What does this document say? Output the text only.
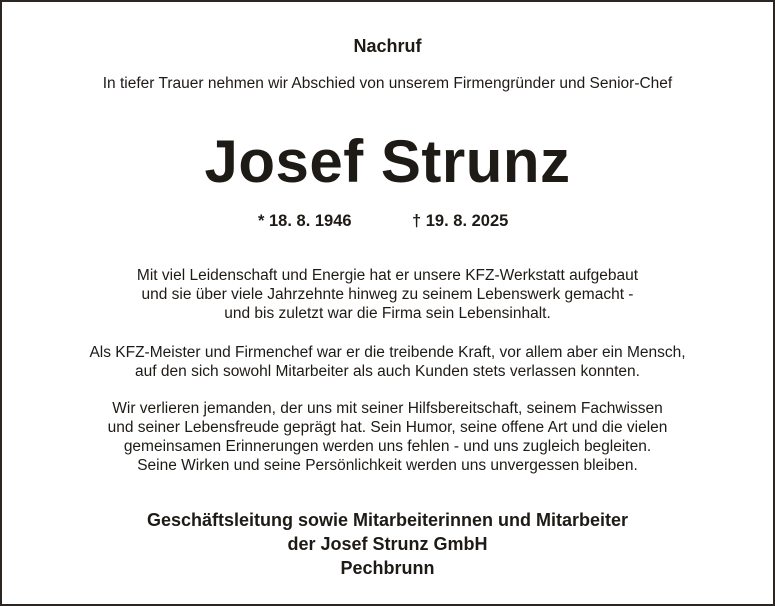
Nachruf
In tiefer Trauer nehmen wir Abschied von unserem Firmengründer und Senior-Chef
Josef Strunz
* 18. 8. 1946	† 19. 8. 2025
Mit viel Leidenschaft und Energie hat er unsere KFZ-Werkstatt aufgebaut
und sie über viele Jahrzehnte hinweg zu seinem Lebenswerk gemacht -
und bis zuletzt war die Firma sein Lebensinhalt.
Als KFZ-Meister und Firmenchef war er die treibende Kraft, vor allem aber ein Mensch,
auf den sich sowohl Mitarbeiter als auch Kunden stets verlassen konnten.
Wir verlieren jemanden, der uns mit seiner Hilfsbereitschaft, seinem Fachwissen
und seiner Lebensfreude geprägt hat. Sein Humor, seine offene Art und die vielen
gemeinsamen Erinnerungen werden uns fehlen - und uns zugleich begleiten.
Seine Wirken und seine Persönlichkeit werden uns unvergessen bleiben.
Geschäftsleitung sowie Mitarbeiterinnen und Mitarbeiter
der Josef Strunz GmbH
Pechbrunn
